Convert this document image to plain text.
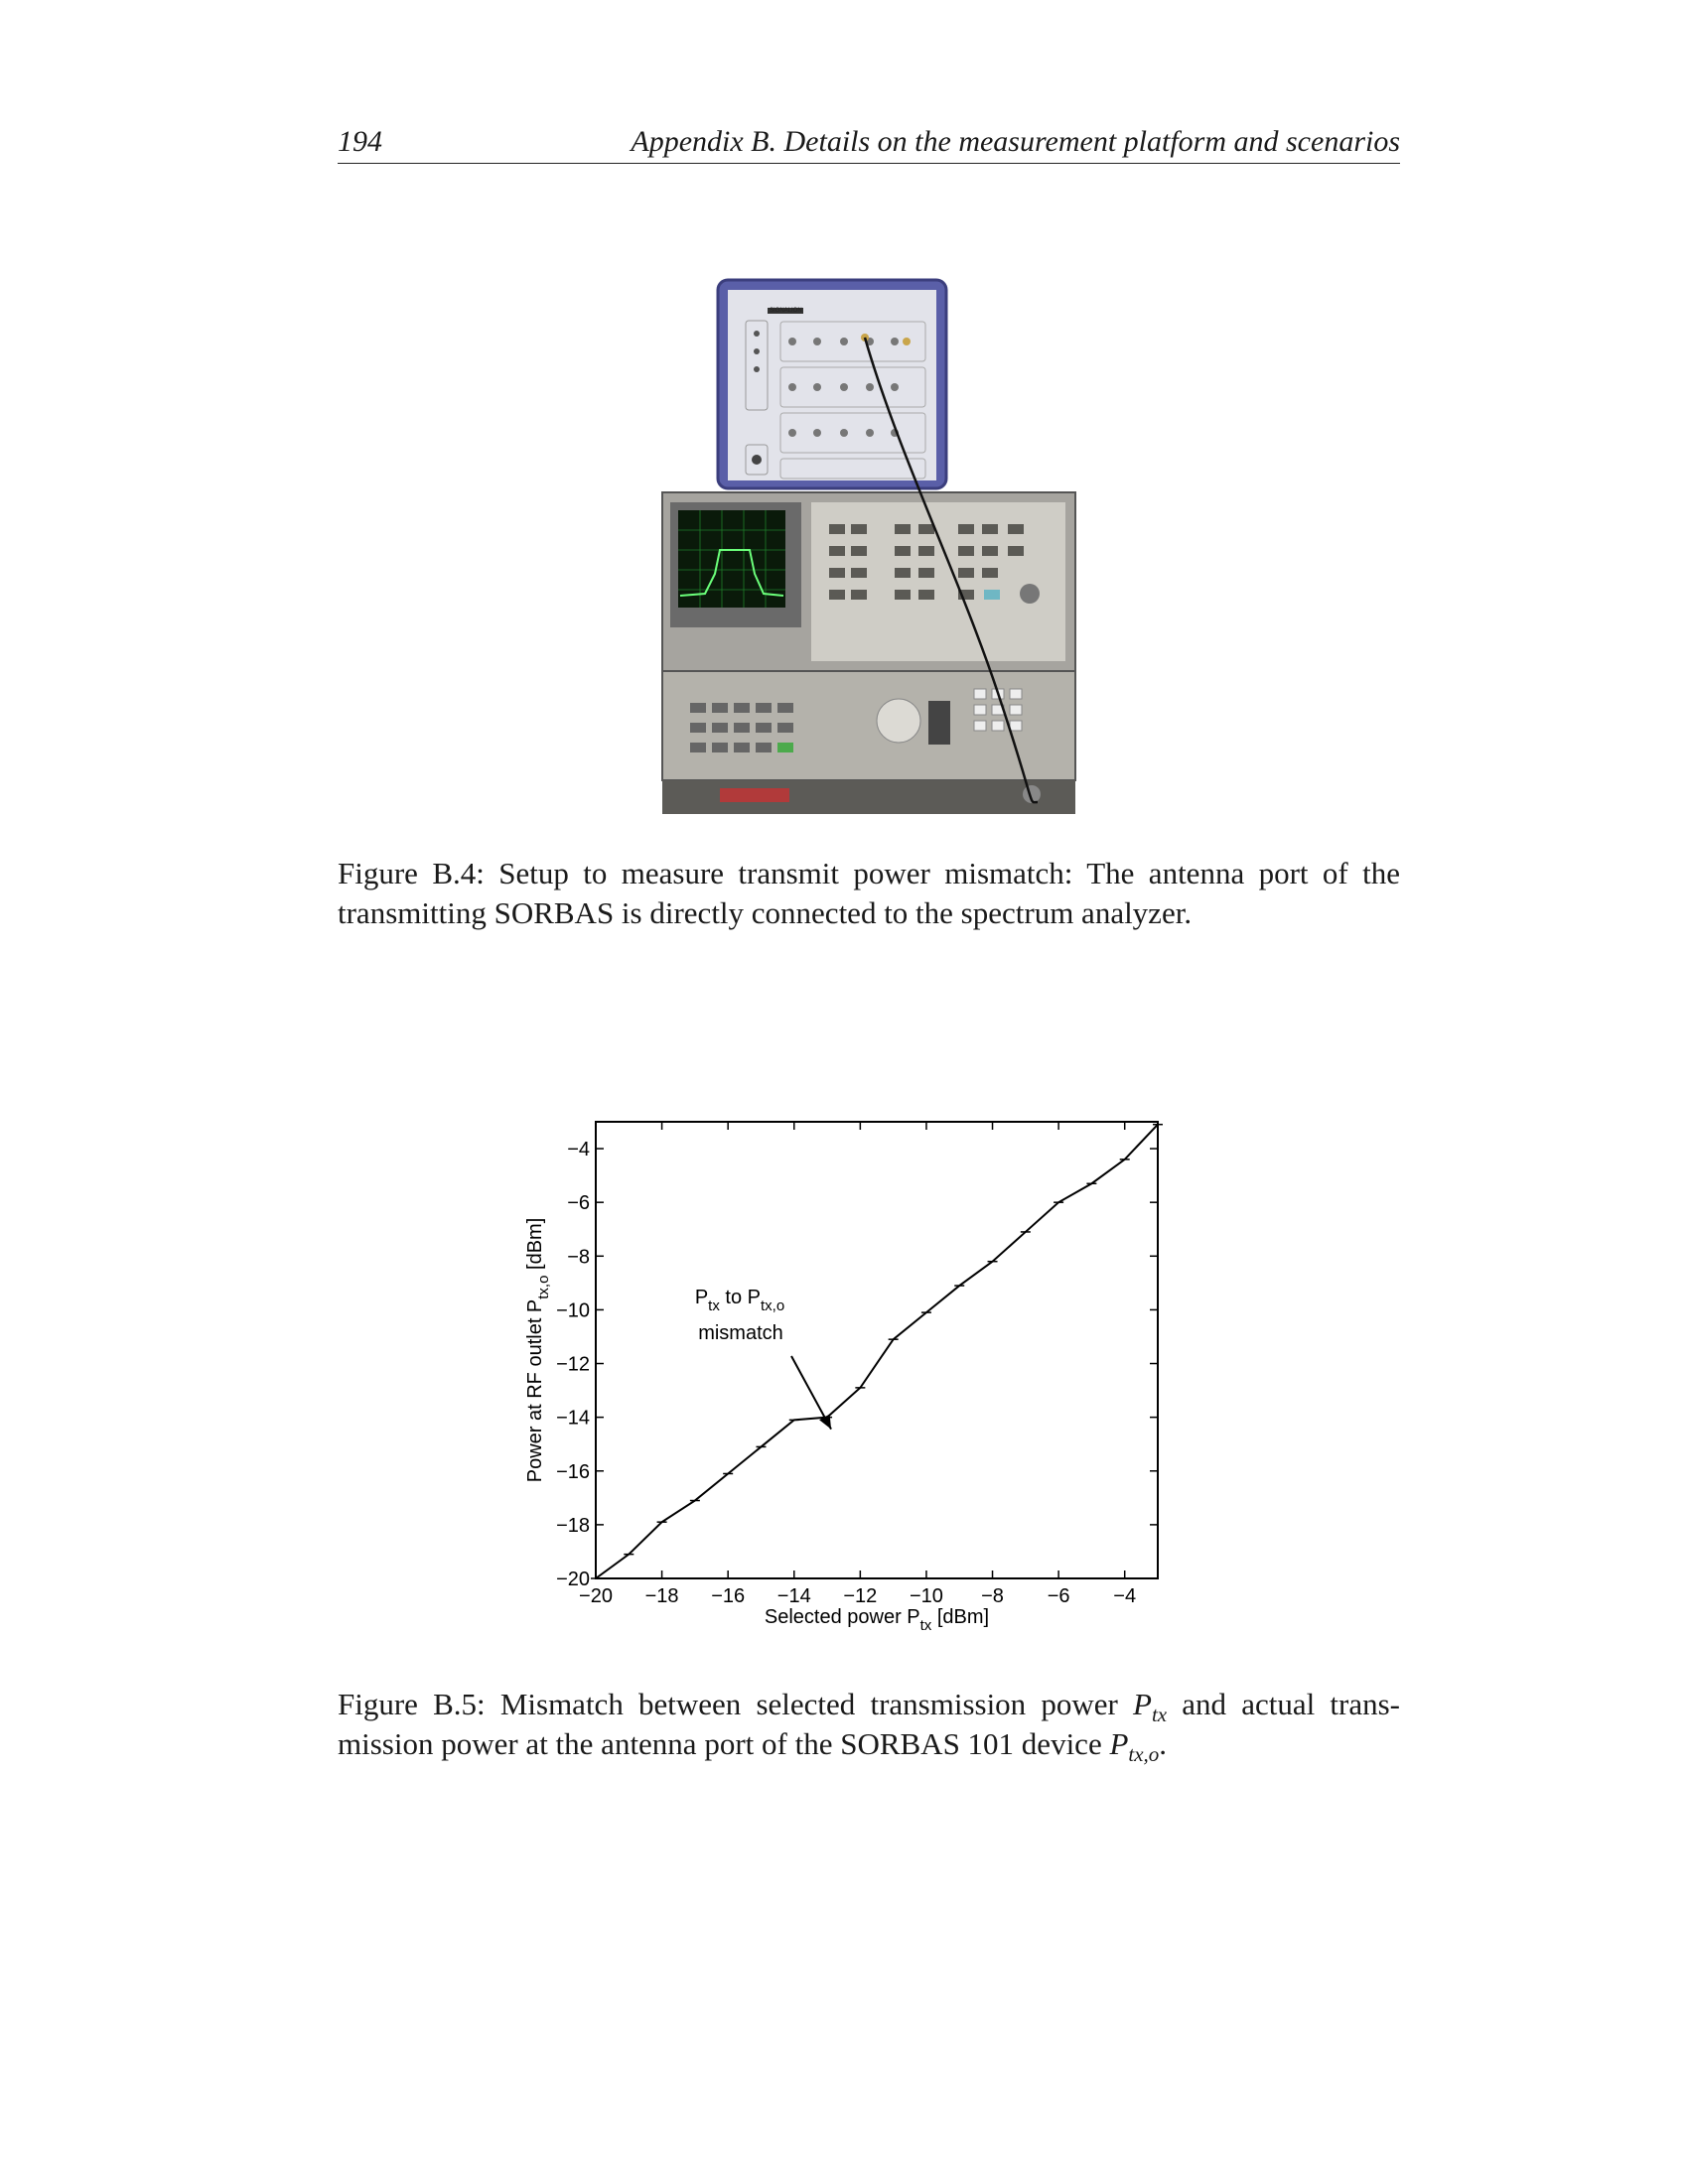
194	Appendix B. Details on the measurement platform and scenarios
SIGNALION
Figure B.4: Setup to measure transmit power mismatch: The antenna port of the
transmitting SORBAS is directly connected to the spectrum analyzer.
−20 −18 −16 −14 −12 −10 −8 −6 −4
−4
−6
−8
−10
−12
−14
−16
−18
−20
Selected power $P_{tx}$ [dBm]
Power at RF outlet $P_{tx,o}$ [dBm]
$P_{tx}$ to $P_{tx,o}$
mismatch
Figure B.5: Mismatch between selected transmission power $P_{tx}$ and actual trans-
mission power at the antenna port of the SORBAS 101 device $P_{tx,o}$.
